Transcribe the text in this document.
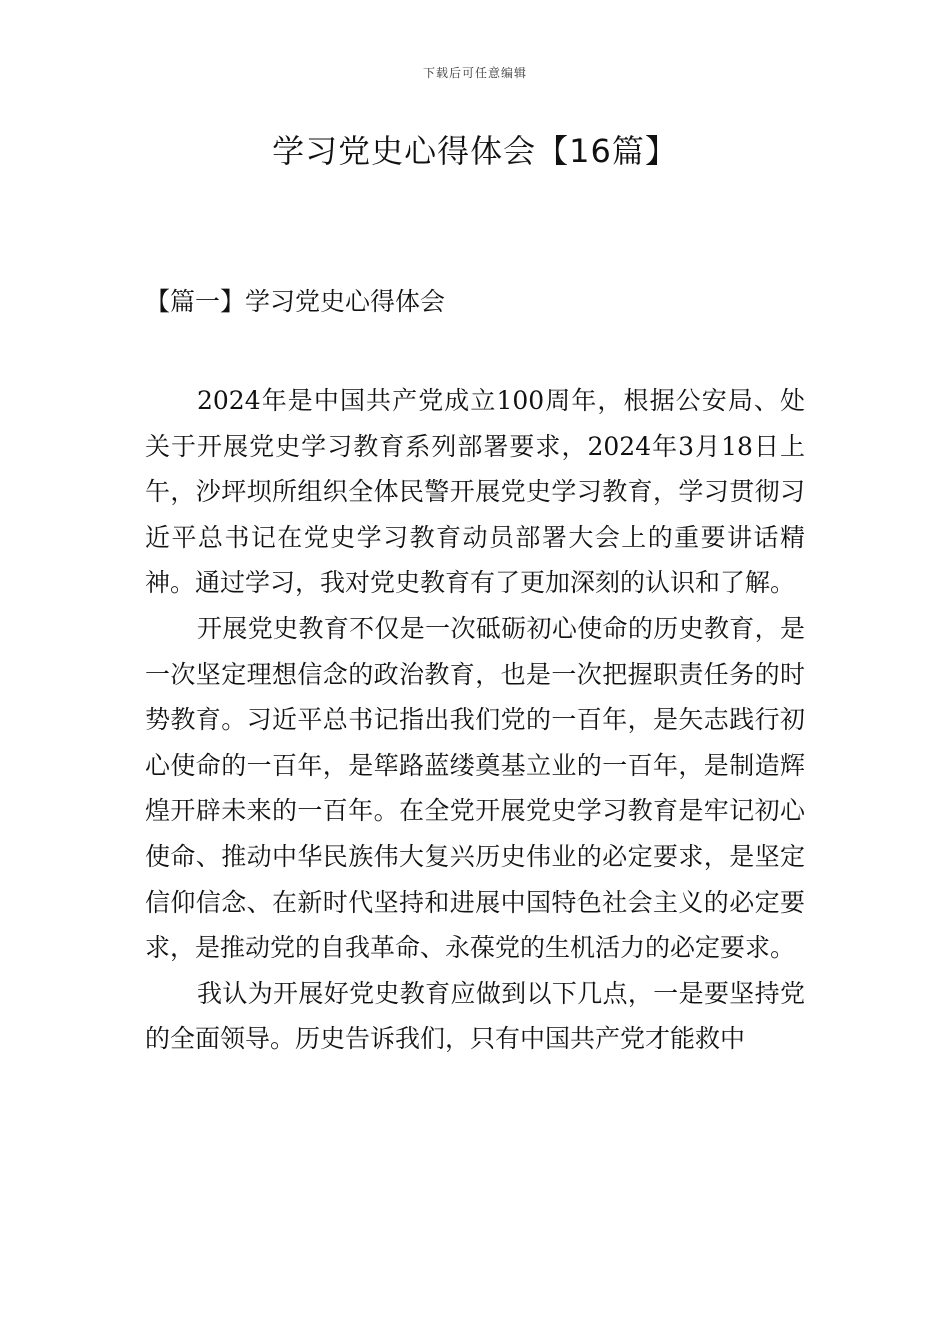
下载后可任意编辑
学习党史心得体会【16篇】
【篇一】学习党史心得体会

2024年是中国共产党成立100周年，根据公安局、处关于开展党史学习教育系列部署要求，2024年3月18日上午，沙坪坝所组织全体民警开展党史学习教育，学习贯彻习近平总书记在党史学习教育动员部署大会上的重要讲话精神。通过学习，我对党史教育有了更加深刻的认识和了解。

开展党史教育不仅是一次砥砺初心使命的历史教育，是一次坚定理想信念的政治教育，也是一次把握职责任务的时势教育。习近平总书记指出我们党的一百年，是矢志践行初心使命的一百年，是筚路蓝缕奠基立业的一百年，是制造辉煌开辟未来的一百年。在全党开展党史学习教育是牢记初心使命、推动中华民族伟大复兴历史伟业的必定要求，是坚定信仰信念、在新时代坚持和进展中国特色社会主义的必定要求，是推动党的自我革命、永葆党的生机活力的必定要求。

我认为开展好党史教育应做到以下几点，一是要坚持党的全面领导。历史告诉我们，只有中国共产党才能救中
